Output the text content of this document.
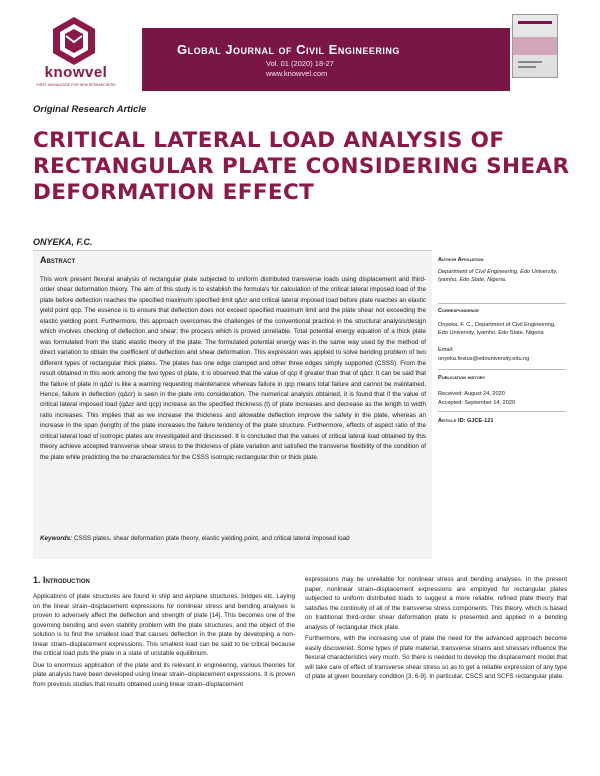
knowvel
FIRST KNOWLEDGE FOR NEW RESEARCHERS
Global Journal of Civil Engineering
Vol. 01 (2020) 18-27
www.knowvel.com
Original Research Article
CRITICAL LATERAL LOAD ANALYSIS OF RECTANGULAR PLATE CONSIDERING SHEAR DEFORMATION EFFECT
ONYEKA, F.C.
Abstract

This work present flexural analysis of rectangular plate subjected to uniform distributed transverse loads using displacement and third-order shear deformation theory. The aim of this study is to establish the formula's for calculation of the critical lateral imposed load of the plate before deflection reaches the specified maximum specified limit qΔcr and critical lateral imposed load before plate reaches an elastic yield point qcp. The essence is to ensure that deflection does not exceed specified maximum limit and the plate shear not exceeding the elastic yielding point. Furthermore, this approach overcomes the challenges of the conventional practice in the structural analysis/design which involves checking of deflection and shear; the process which is proved unreliable. Total potential energy equation of a thick plate was formulated from the static elastic theory of the plate. The formulated potential energy was in the same way used by the method of direct variation to obtain the coefficient of deflection and shear deformation. This expression was applied to solve bending problem of two different types of rectangular thick plates. The plates has one edge clamped and other three edges simply supported (CSSS). From the result obtained in this work among the two types of plate, it is observed that the value of qcp if greater than that of qΔcr. It can be said that the failure of plate in qΔcr is like a warning requesting maintenance whereas failure in qcp means total failure and cannot be maintained. Hence, failure in deflection (qΔcr) is seen in the plate into consideration. The numerical analysis obtained, it is found that if the value of critical lateral imposed load (qΔcr and qcp) increase as the specified thickness (t) of plate increases and decrease as the length to width ratio increases. This implies that as we increase the thickness and allowable deflection improve the safety in the plate, whereas an increase in the span (length) of the plate increases the failure tendency of the plate structure. Furthermore, effects of aspect ratio of the critical lateral load of isotropic plates are investigated and discussed. It is concluded that the values of critical lateral load obtained by this theory achieve accepted transverse shear stress to the thickness of plate variation and satisfied the transverse flexibility of the condition of the plate while predicting the be characteristics for the CSSS isotropic rectangular thin or thick plate.

Keywords: CSSS plates, shear deformation plate theory, elastic yielding point, and critical lateral imposed load
Author Affiliation
Department of Civil Engineering, Edo University, Iyamho. Edo State, Nigeria.
Correspondence
Onyeka, F. C., Department of Civil Engineering, Edo University, Iyamho. Edo State, Nigeria
Email:
onyeka.festus@edouniversity.edu.ng
Publication history
Received: August 24, 2020
Accepted: September 14, 2020
Article ID: GJCE-121
1. Introduction

Applications of plate structures are found in ship and airplane structures, bridges etc. Laying on the linear strain–displacement expressions for nonlinear stress and bending analyses is proven to adversely affect the deflection and strength of plate [14]. This becomes one of the governing bending and even stability problem with the plate structures, and the object of the solution is to find the smallest load that causes deflection in the plate by developing a non-linear strain–displacement expressions. This smallest load can be said to be critical because the critical load puts the plate in a state of unstable equilibrium.

Due to enormous application of the plate and its relevant in engineering, various theories for plate analysis have been developed using linear strain–displacement expressions. It is proven from previous studies that results obtained using linear strain–displacement

expressions may be unreliable for nonlinear stress and bending analyses. In the present paper, nonlinear strain–displacement expressions are employed for rectangular plates subjected to uniform distributed loads to suggest a more reliable, refined plate theory that satisfies the continuity of all of the transverse stress components. This theory, which is based on traditional third-order shear deformation plate is presented and applied in a bending analysis of rectangular thick plate.

Furthermore, with the increasing use of plate the need for the advanced approach become easily discovered. Some types of plate material, transverse strains and stresses influence the flexural characteristics very much. So there is needed to develop the displacement model that will take care of effect of transverse shear stress so as to get a reliable expression of any type of plate at given boundary condition [3, 6-9]. In particular, CSCS and SCFS rectangular plate.
